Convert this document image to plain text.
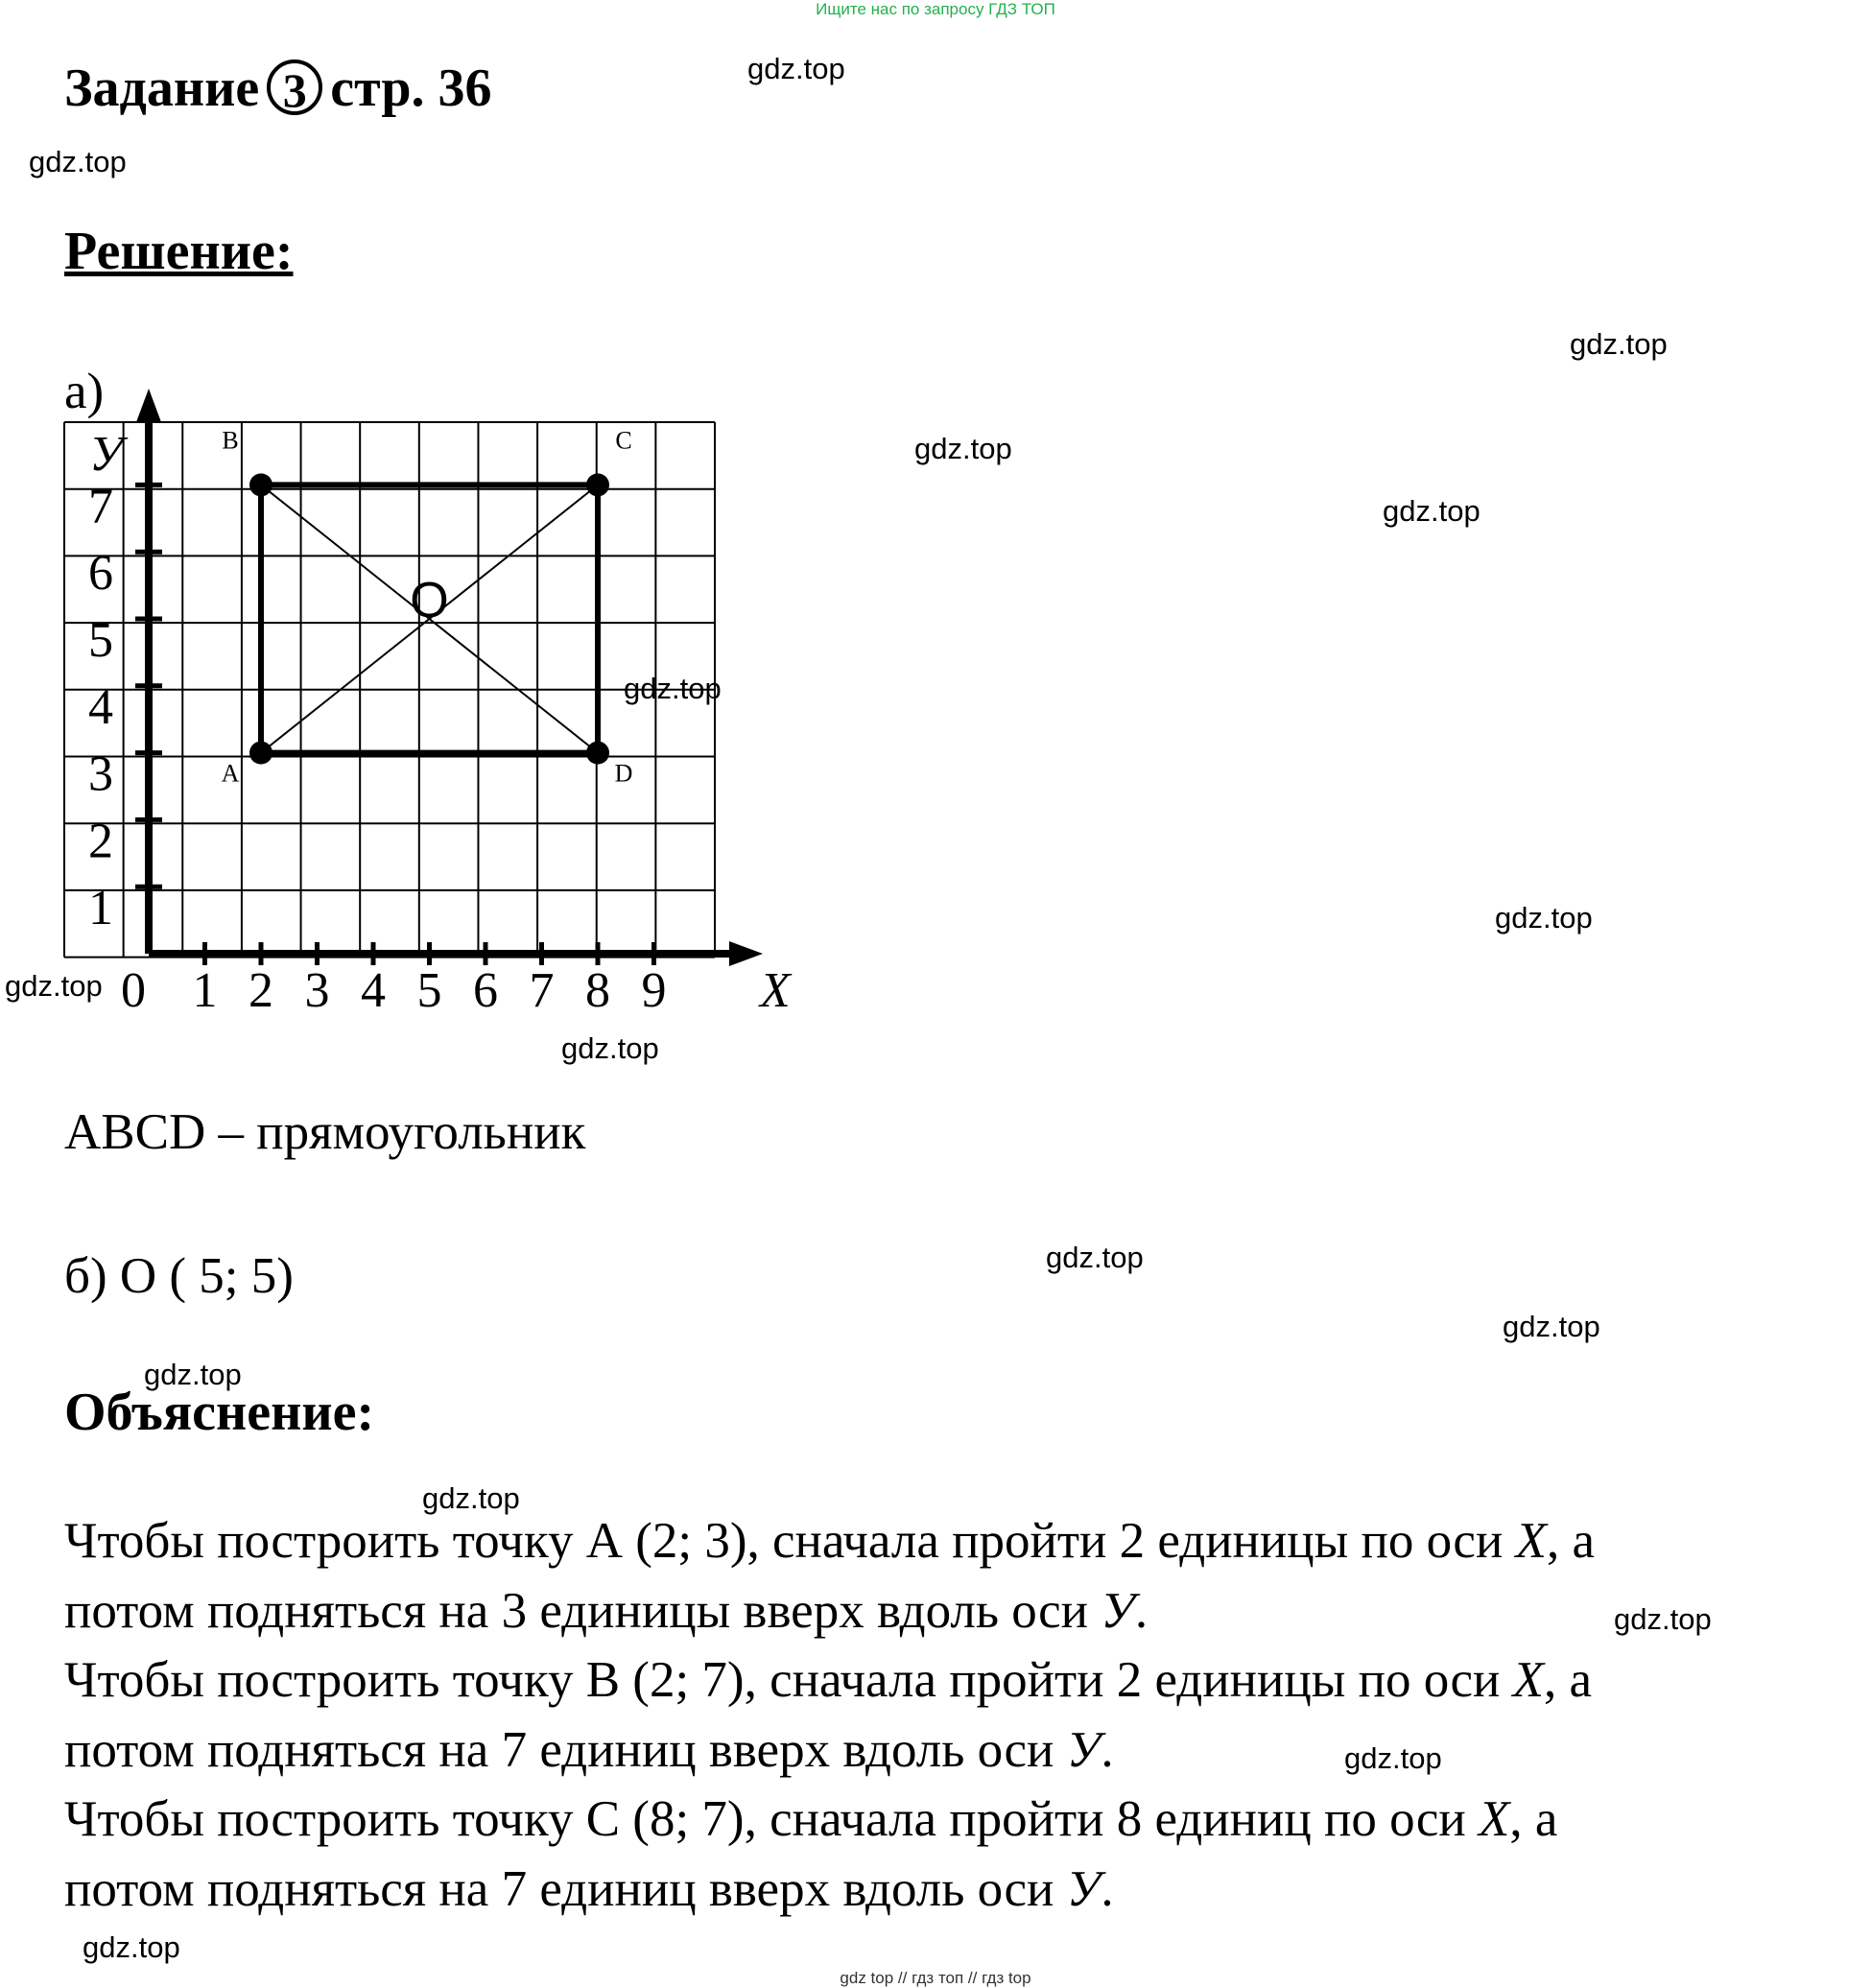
Ищите нас по запросу ГДЗ ТОП
Задание 3 стр. 36
Решение:
а)
0 1 2 3 4 5 6 7 8 9
1
2
3
4
5
6
7
X
У
A
B	C
D
O
ABCD – прямоугольник
б) О ( 5; 5)
Объяснение:
Чтобы построить точку А (2; 3), сначала пройти 2 единицы по оси X, а
потом подняться на 3 единицы вверх вдоль оси У.
Чтобы построить точку В (2; 7), сначала пройти 2 единицы по оси X, а
потом подняться на 7 единиц вверх вдоль оси У.
Чтобы построить точку С (8; 7), сначала пройти 8 единиц по оси X, а
потом подняться на 7 единиц вверх вдоль оси У.
gdz.top
gdz.top
gdz.top
gdz.top
gdz.top
gdz.top
gdz.top
gdz.top
gdz.top
gdz.top
gdz.top
gdz.top
gdz.top
gdz.top
gdz.top
gdz.top
gdz top // гдз топ // гдз top
